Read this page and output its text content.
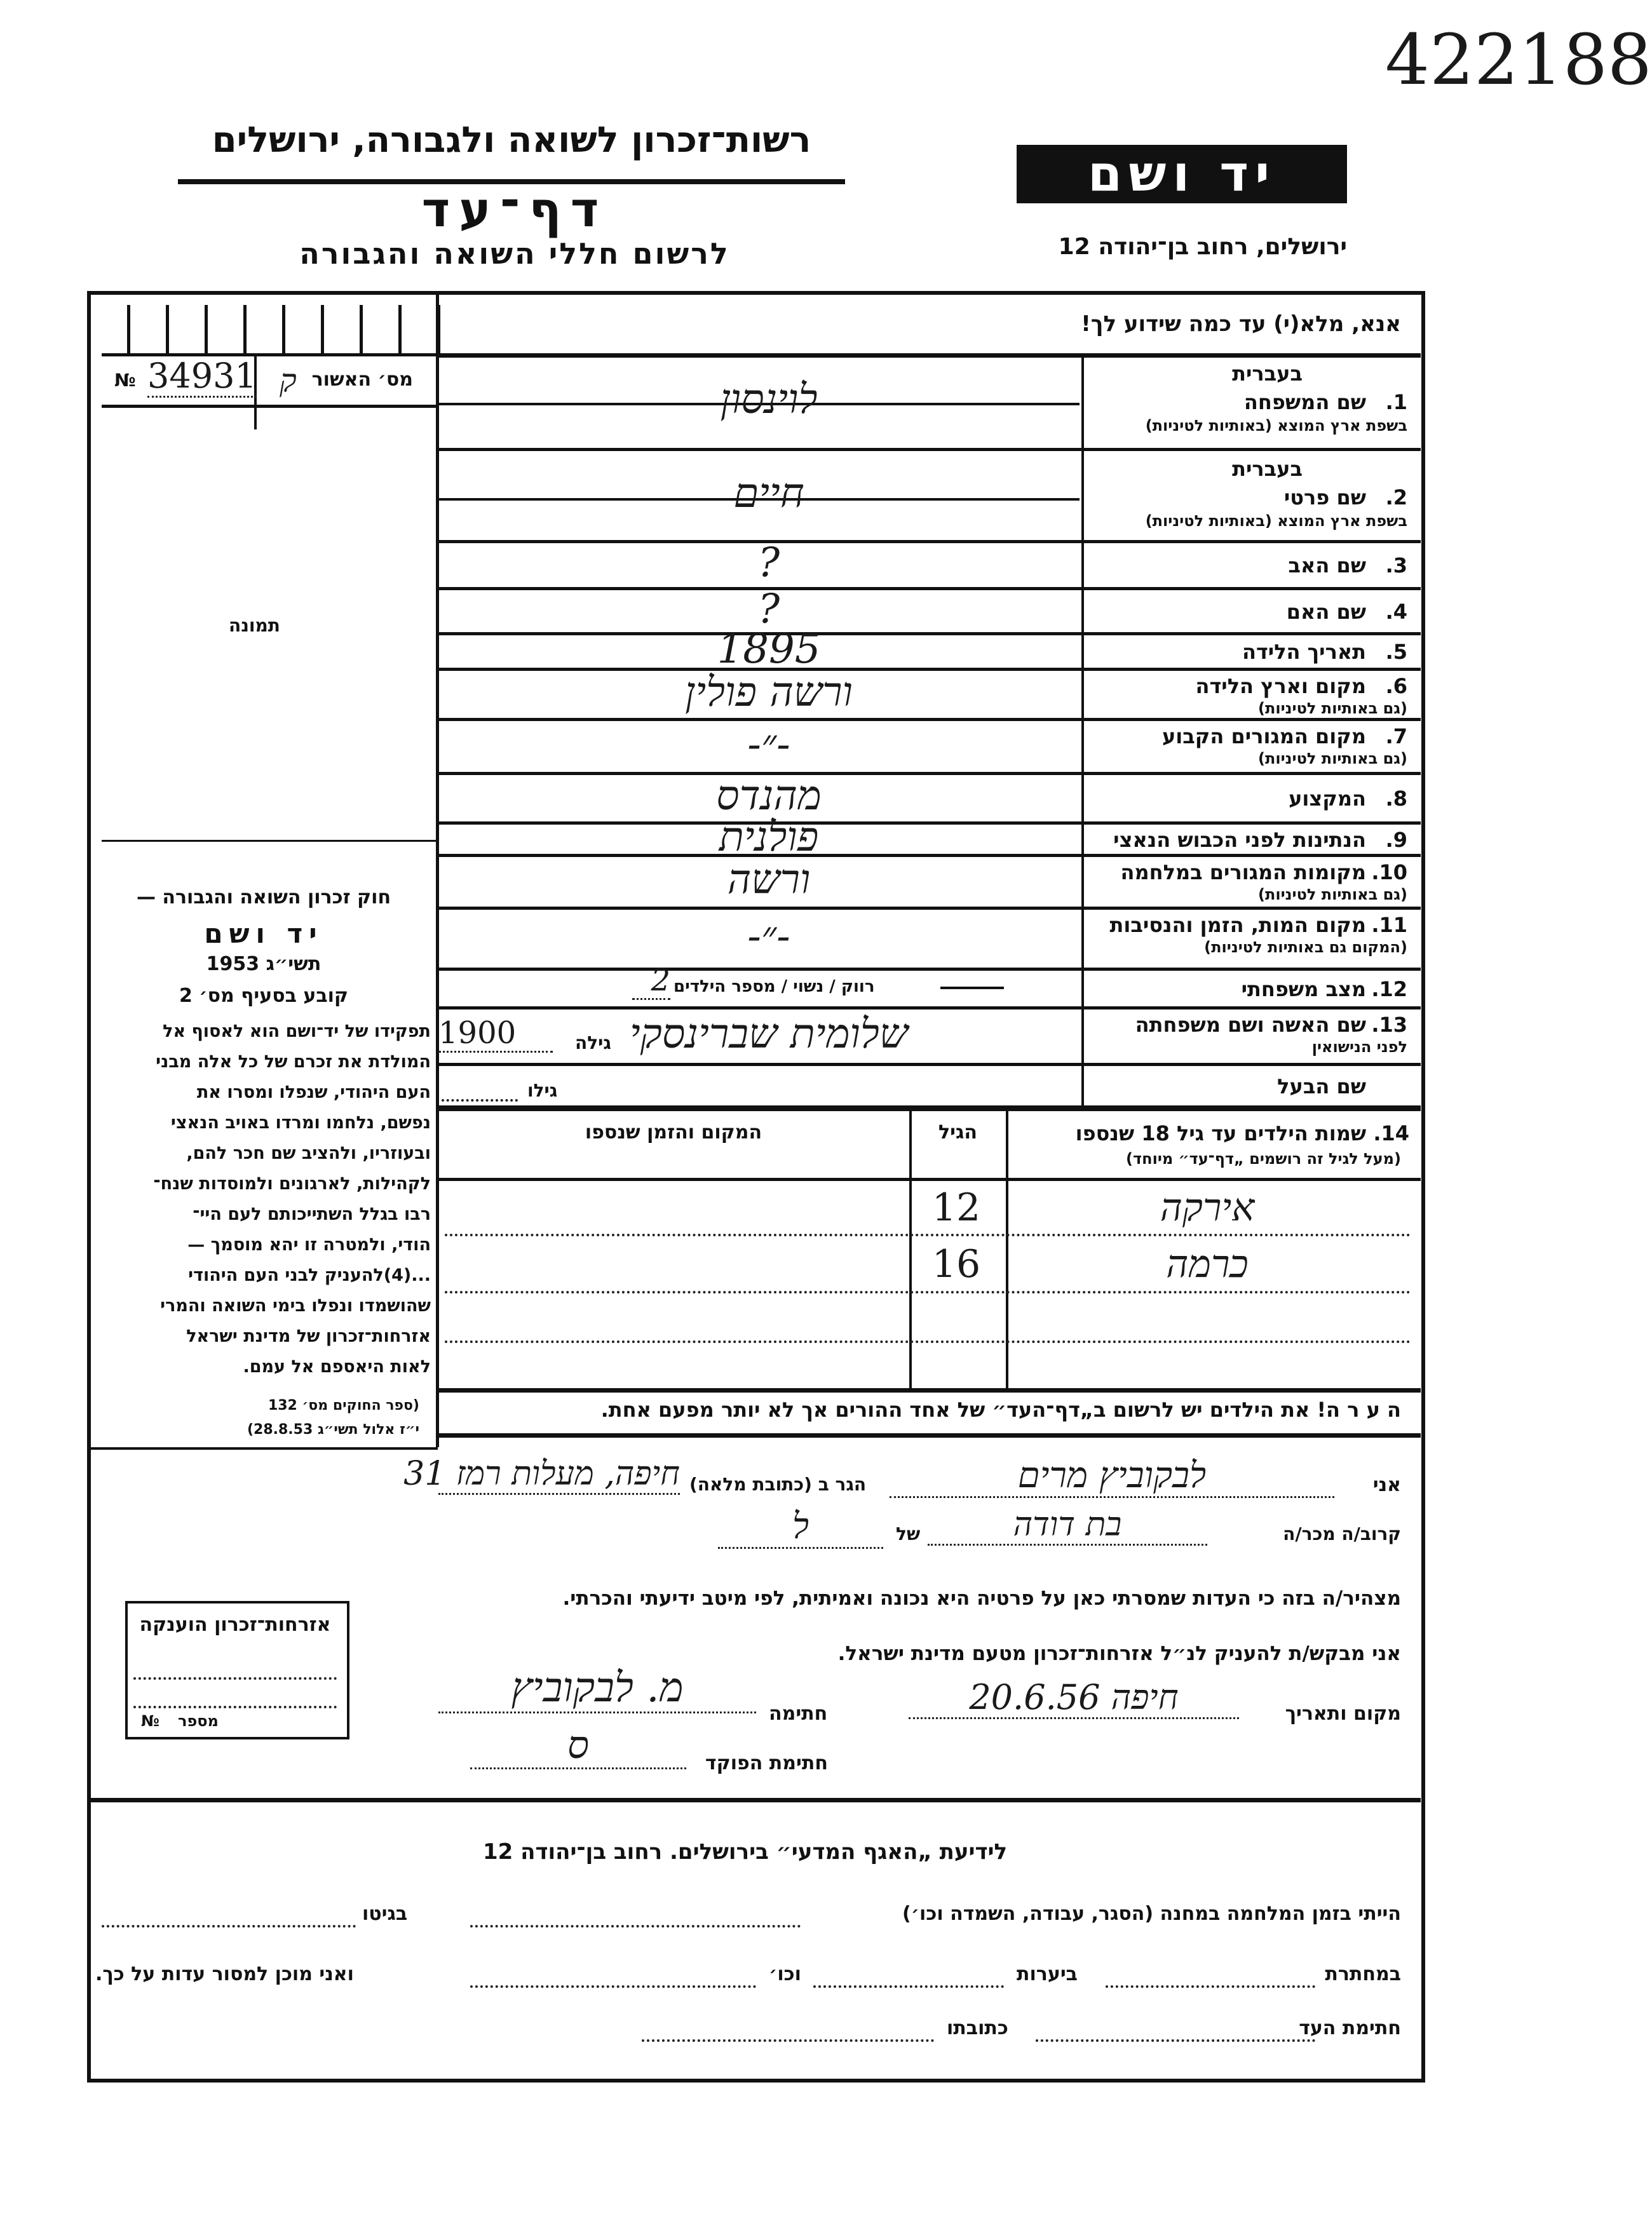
422188
רשות־זכרון לשואה ולגבורה, ירושלים
דף־עד
לרשום חללי השואה והגבורה
יד ושם
ירושלים, רחוב בן־יהודה 12
אנא, מלא(י) עד כמה שידוע לך!
מס׳ האשור
№ 34931 ק
תמונה
חוק זכרון השואה והגבורה —
יד ושם
תשי״ג 1953
קובע בסעיף מס׳ 2
תפקידו של יד־ושם הוא לאסוף אל
המולדת את זכרם של כל אלה מבני
העם היהודי, שנפלו ומסרו את
נפשם, נלחמו ומרדו באויב הנאצי
ובעוזריו, ולהציב שם חכר להם,
לקהילות, לארגונים ולמוסדות שנח־
רבו בגלל השתייכותם לעם היי־
הודי, ולמטרה זו יהא מוסמך —
...(4)להעניק לבני העם היהודי
שהושמדו ונפלו בימי השואה והמרי
אזרחות־זכרון של מדינת ישראל
לאות היאספם אל עמם.
(ספר החוקים מס׳ 132
י״ז אלול תשי״ג 28.8.53)
1.
שם המשפחה
בעברית
בשפת ארץ המוצא (באותיות לטיניות)
לוינסון
2.
שם פרטי
בעברית
בשפת ארץ המוצא (באותיות לטיניות)
חיים
3.
שם האב
?
4.
שם האם
?
5.
תאריך הלידה
1895
6.
מקום וארץ הלידה
(גם באותיות לטיניות)
ורשה פולין
7.
מקום המגורים הקבוע
(גם באותיות לטיניות)
-״-
8.
המקצוע
מהנדס
9.
הנתינות לפני הכבוש הנאצי
פולנית
10.
מקומות המגורים במלחמה
(גם באותיות לטיניות)
ורשה
11.
מקום המות, הזמן והנסיבות
(המקום גם באותיות לטיניות)
-״-
12.
מצב משפחתי
13.
שם האשה ושם משפחתה
לפני הנישואין
שלומית שברינסקי
שם הבעל
רווק / נשוי / מספר הילדים
2
גילה
1900
גילו
14. שמות הילדים עד גיל 18 שנספו
(מעל לגיל זה רושמים „דף־עד״ מיוחד)
הגיל
המקום והזמן שנספו
אירקה
12
כרמה
16
ה ע ר ה! את הילדים יש לרשום ב„דף־העד״ של אחד ההורים אך לא יותר מפעם אחת.
אני
לבקוביץ מרים
הגר ב (כתובת מלאה)
חיפה, מעלות רמז 31
קרוב/ה מכר/ה
בת דודה
של
ל
מצהיר/ה בזה כי העדות שמסרתי כאן על פרטיה היא נכונה ואמיתית, לפי מיטב ידיעתי והכרתי.
אני מבקש/ת להעניק לנ״ל אזרחות־זכרון מטעם מדינת ישראל.
מקום ותאריך
חיפה 20.6.56
חתימה
מ. לבקוביץ
חתימת הפוקד
ס
אזרחות־זכרון הוענקה
מספר
№
לידיעת „האגף המדעי״ בירושלים. רחוב בן־יהודה 12
הייתי בזמן המלחמה במחנה (הסגר, עבודה, השמדה וכו׳)
בגיטו
במחתרת
ביערות
וכו׳
ואני מוכן למסור עדות על כך.
חתימת העד
כתובתו
